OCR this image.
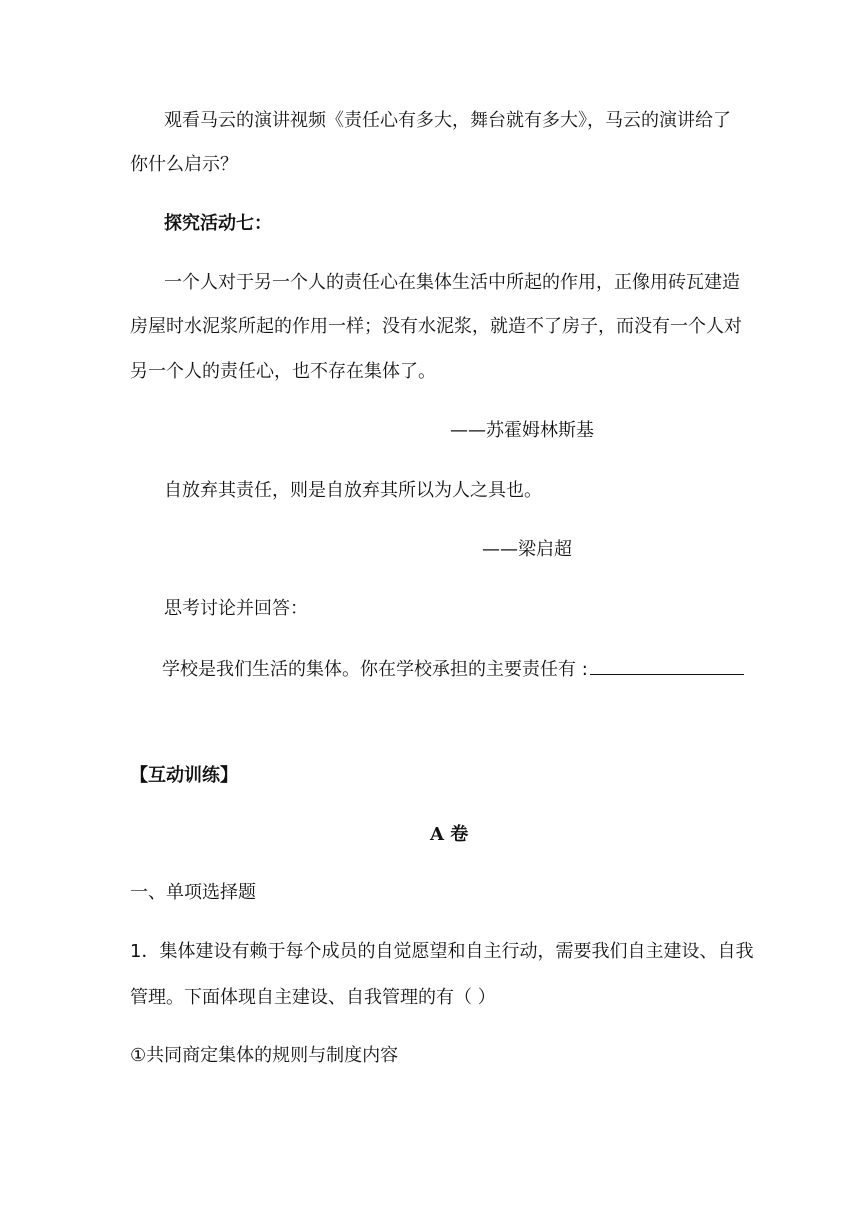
观看马云的演讲视频《责任心有多大，舞台就有多大》，马云的演讲给了
你什么启示？
探究活动七：
一个人对于另一个人的责任心在集体生活中所起的作用，正像用砖瓦建造
房屋时水泥浆所起的作用一样；没有水泥浆，就造不了房子，而没有一个人对
另一个人的责任心，也不存在集体了。
——苏霍姆林斯基
自放弃其责任，则是自放弃其所以为人之具也。
——梁启超
思考讨论并回答：
学校是我们生活的集体。你在学校承担的主要责任有 :
【互动训练】
A 卷
一、单项选择题
1．集体建设有赖于每个成员的自觉愿望和自主行动，需要我们自主建设、自我
管理。下面体现自主建设、自我管理的有（ ）
①共同商定集体的规则与制度内容
